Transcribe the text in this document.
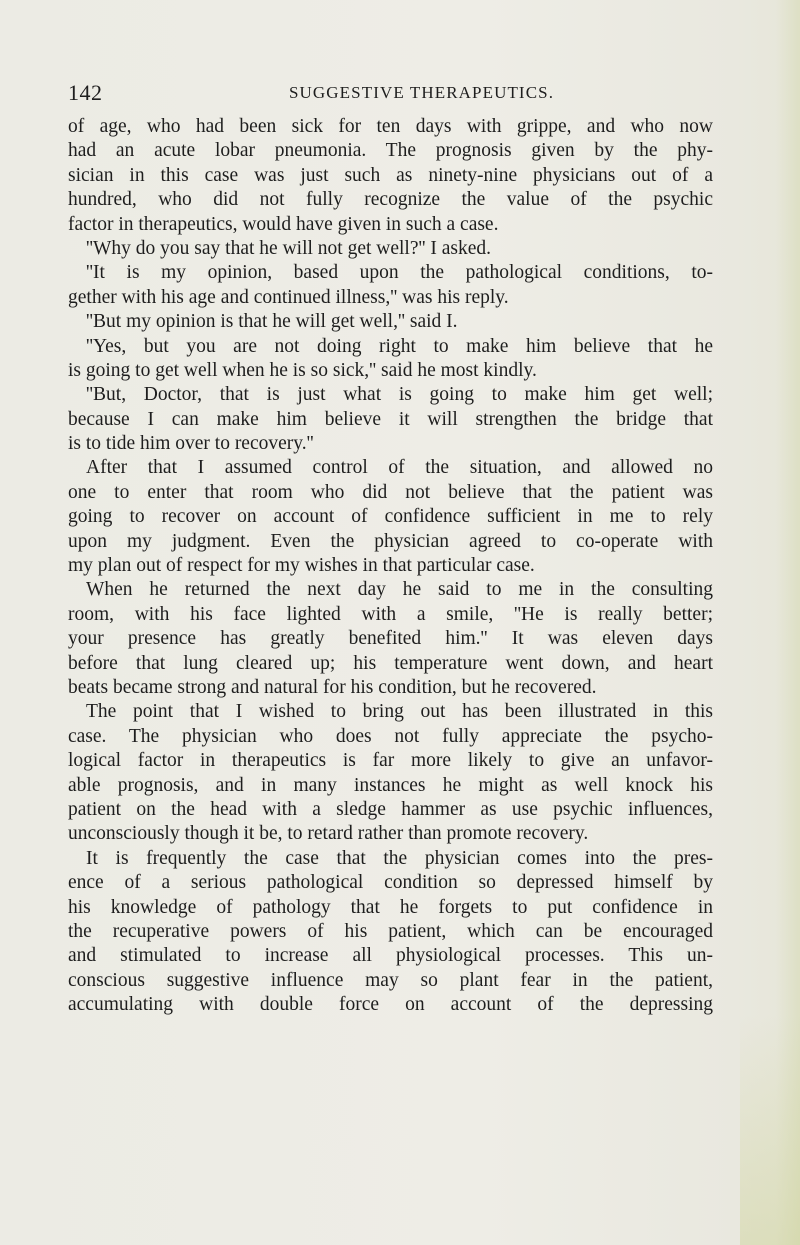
142	SUGGESTIVE THERAPEUTICS.
of age, who had been sick for ten days with grippe, and who now
had an acute lobar pneumonia. The prognosis given by the phy-
sician in this case was just such as ninety-nine physicians out of a
hundred, who did not fully recognize the value of the psychic
factor in therapeutics, would have given in such a case.
''Why do you say that he will not get well?'' I asked.
''It is my opinion, based upon the pathological conditions, to-
gether with his age and continued illness,'' was his reply.
''But my opinion is that he will get well,'' said I.
''Yes, but you are not doing right to make him believe that he
is going to get well when he is so sick,'' said he most kindly.
''But, Doctor, that is just what is going to make him get well;
because I can make him believe it will strengthen the bridge that
is to tide him over to recovery.''
After that I assumed control of the situation, and allowed no
one to enter that room who did not believe that the patient was
going to recover on account of confidence sufficient in me to rely
upon my judgment. Even the physician agreed to co-operate with
my plan out of respect for my wishes in that particular case.
When he returned the next day he said to me in the consulting
room, with his face lighted with a smile, ''He is really better;
your presence has greatly benefited him.'' It was eleven days
before that lung cleared up; his temperature went down, and heart
beats became strong and natural for his condition, but he recovered.
The point that I wished to bring out has been illustrated in this
case. The physician who does not fully appreciate the psycho-
logical factor in therapeutics is far more likely to give an unfavor-
able prognosis, and in many instances he might as well knock his
patient on the head with a sledge hammer as use psychic influences,
unconsciously though it be, to retard rather than promote recovery.
It is frequently the case that the physician comes into the pres-
ence of a serious pathological condition so depressed himself by
his knowledge of pathology that he forgets to put confidence in
the recuperative powers of his patient, which can be encouraged
and stimulated to increase all physiological processes. This un-
conscious suggestive influence may so plant fear in the patient,
accumulating with double force on account of the depressing
